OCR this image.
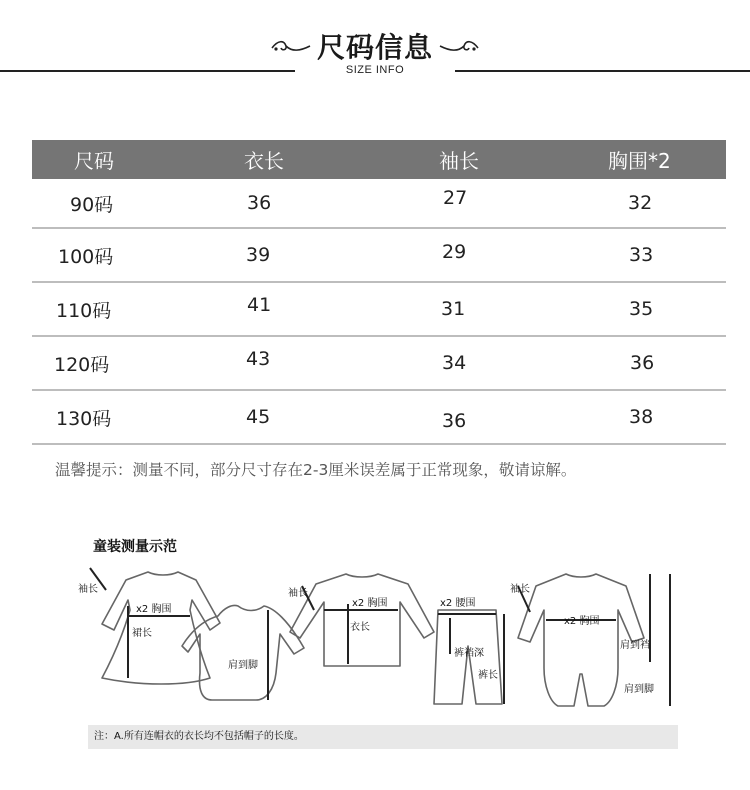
尺码信息
SIZE INFO
尺码	衣长	袖长	胸围*2
90码	36	27	32
100码	39	29	33
110码	41	31	35
120码	43	34	36
130码	45	36	38
温馨提示：测量不同，部分尺寸存在2-3厘米误差属于正常现象，敬请谅解。
袖长
x2 胸围
裙长
肩到脚
袖长
x2 胸围
衣长
x2 腰围
裤裆深
裤长
袖长
x2 胸围
肩到裆
肩到脚
童装测量示范
注：A.所有连帽衣的衣长均不包括帽子的长度。
